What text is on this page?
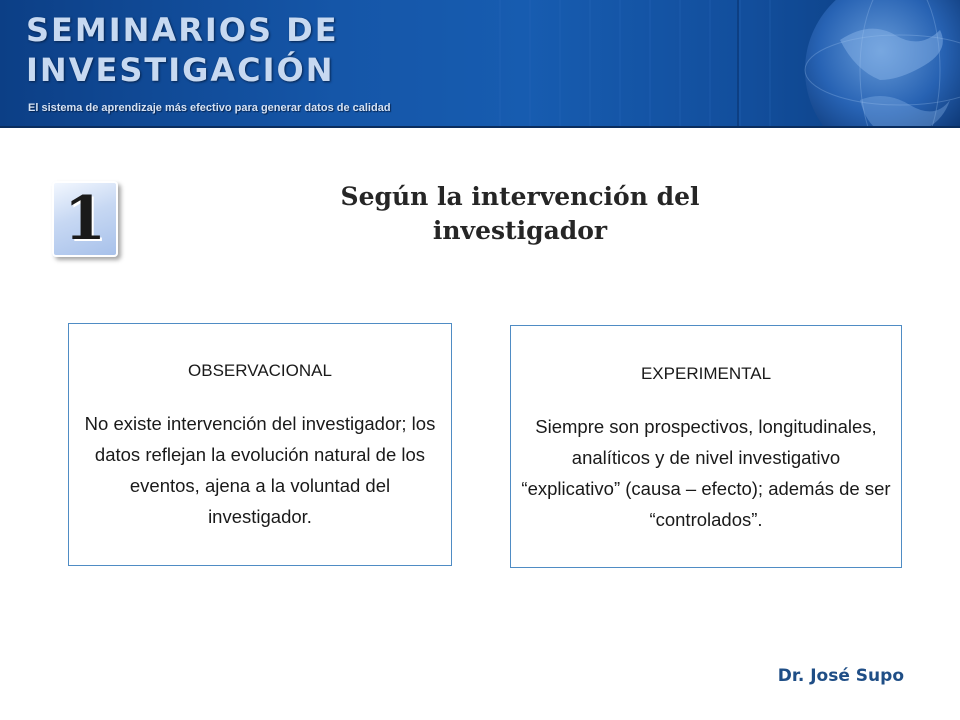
SEMINARIOS DE
INVESTIGACIÓN
El sistema de aprendizaje más efectivo para generar datos de calidad
1	Según la intervención del investigador
OBSERVACIONAL
No existe intervención del investigador; los datos reflejan la evolución natural de los eventos, ajena a la voluntad del investigador.
EXPERIMENTAL
Siempre son prospectivos, longitudinales, analíticos y de nivel investigativo “explicativo” (causa – efecto); además de ser “controlados”.
Dr. José Supo
